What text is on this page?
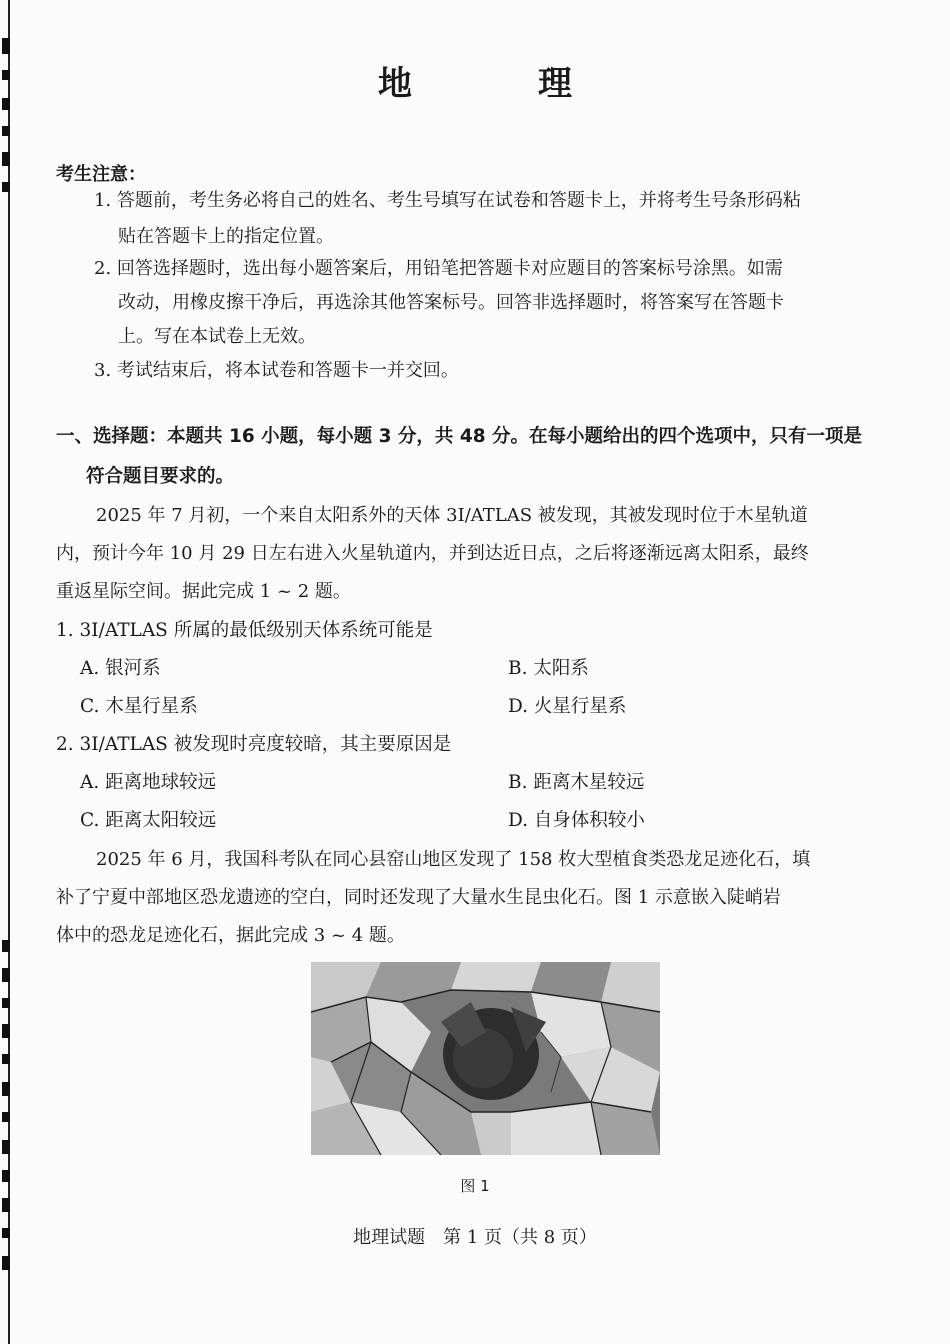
地　理
考生注意：
1. 答题前，考生务必将自己的姓名、考生号填写在试卷和答题卡上，并将考生号条形码粘
贴在答题卡上的指定位置。
2. 回答选择题时，选出每小题答案后，用铅笔把答题卡对应题目的答案标号涂黑。如需
改动，用橡皮擦干净后，再选涂其他答案标号。回答非选择题时，将答案写在答题卡
上。写在本试卷上无效。
3. 考试结束后，将本试卷和答题卡一并交回。
一、选择题：本题共 16 小题，每小题 3 分，共 48 分。在每小题给出的四个选项中，只有一项是
符合题目要求的。
2025 年 7 月初，一个来自太阳系外的天体 3I/ATLAS 被发现，其被发现时位于木星轨道
内，预计今年 10 月 29 日左右进入火星轨道内，并到达近日点，之后将逐渐远离太阳系，最终
重返星际空间。据此完成 1 ~ 2 题。
1. 3I/ATLAS 所属的最低级别天体系统可能是
A. 银河系	B. 太阳系
C. 木星行星系	D. 火星行星系
2. 3I/ATLAS 被发现时亮度较暗，其主要原因是
A. 距离地球较远	B. 距离木星较远
C. 距离太阳较远	D. 自身体积较小
2025 年 6 月，我国科考队在同心县窑山地区发现了 158 枚大型植食类恐龙足迹化石，填
补了宁夏中部地区恐龙遗迹的空白，同时还发现了大量水生昆虫化石。图 1 示意嵌入陡峭岩
体中的恐龙足迹化石，据此完成 3 ~ 4 题。
图 1
地理试题　第 1 页（共 8 页）
